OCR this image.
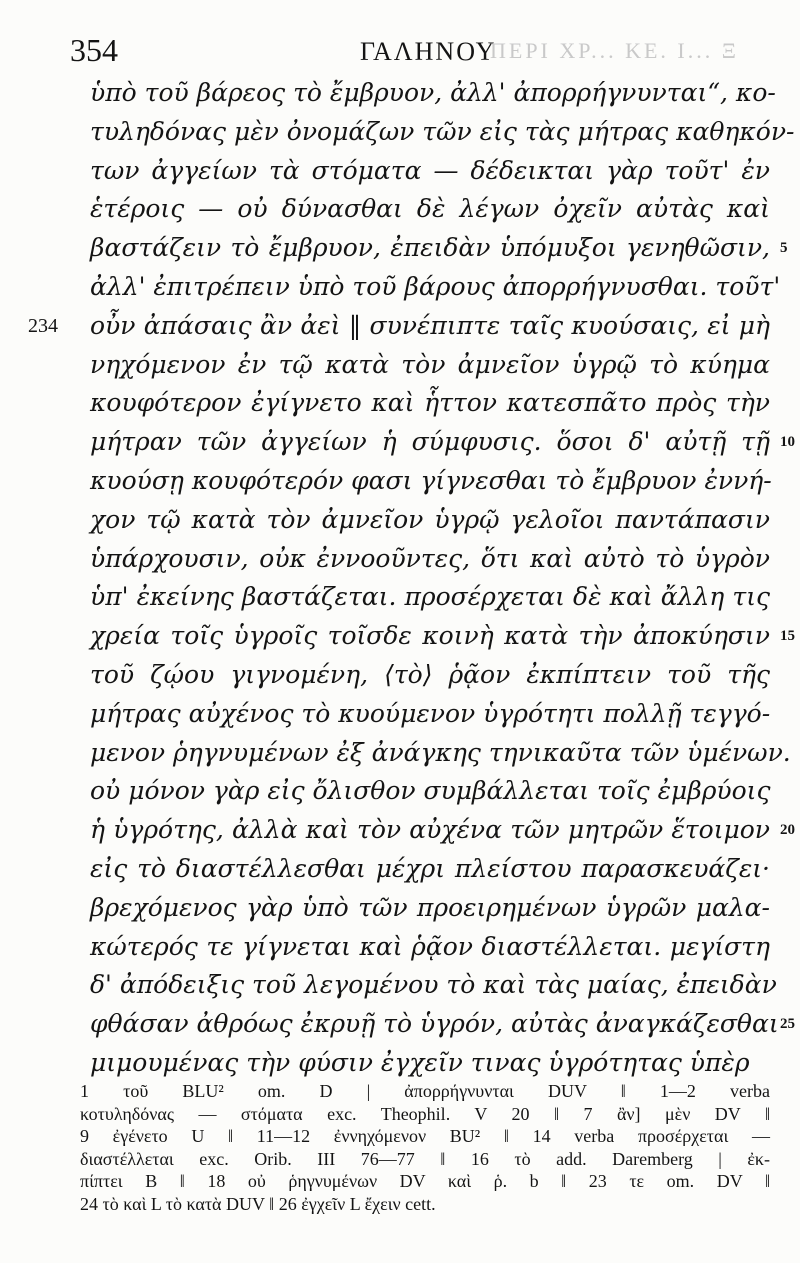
354	ΓΑΛΗΝΟΥ
ΠΕΡΙ ΧΡ... ΚΕ. Ι... Ξ
ὑπὸ τοῦ βάρεος τὸ ἔμβρυον, ἀλλ' ἀπορρήγνυνται“, κο-
τυληδόνας μὲν ὀνομάζων τῶν εἰς τὰς μήτρας καθηκόν-
των ἀγγείων τὰ στόματα — δέδεικται γὰρ τοῦτ' ἐν
ἑτέροις — οὐ δύνασθαι δὲ λέγων ὀχεῖν αὐτὰς καὶ
βαστάζειν τὸ ἔμβρυον, ἐπειδὰν ὑπόμυξοι γενηθῶσιν, 5
ἀλλ' ἐπιτρέπειν ὑπὸ τοῦ βάρους ἀπορρήγνυσθαι. τοῦτ'
οὖν ἀπάσαις ἂν ἀεὶ ‖ συνέπιπτε ταῖς κυούσαις, εἰ μὴ
234
νηχόμενον ἐν τῷ κατὰ τὸν ἀμνεῖον ὑγρῷ τὸ κύημα
κουφότερον ἐγίγνετο καὶ ἧττον κατεσπᾶτο πρὸς τὴν
μήτραν τῶν ἀγγείων ἡ σύμφυσις. ὅσοι δ' αὐτῇ τῇ 10
κυούσῃ κουφότερόν φασι γίγνεσθαι τὸ ἔμβρυον ἐννή-
χον τῷ κατὰ τὸν ἀμνεῖον ὑγρῷ γελοῖοι παντάπασιν
ὑπάρχουσιν, οὐκ ἐννοοῦντες, ὅτι καὶ αὐτὸ τὸ ὑγρὸν
ὑπ' ἐκείνης βαστάζεται. προσέρχεται δὲ καὶ ἄλλη τις
χρεία τοῖς ὑγροῖς τοῖσδε κοινὴ κατὰ τὴν ἀποκύησιν 15
τοῦ ζῴου γιγνομένη, ⟨τὸ⟩ ῥᾷον ἐκπίπτειν τοῦ τῆς
μήτρας αὐχένος τὸ κυούμενον ὑγρότητι πολλῇ τεγγό-
μενον ῥηγνυμένων ἐξ ἀνάγκης τηνικαῦτα τῶν ὑμένων.
οὐ μόνον γὰρ εἰς ὄλισθον συμβάλλεται τοῖς ἐμβρύοις
ἡ ὑγρότης, ἀλλὰ καὶ τὸν αὐχένα τῶν μητρῶν ἕτοιμον 20
εἰς τὸ διαστέλλεσθαι μέχρι πλείστου παρασκευάζει·
βρεχόμενος γὰρ ὑπὸ τῶν προειρημένων ὑγρῶν μαλα-
κώτερός τε γίγνεται καὶ ῥᾷον διαστέλλεται. μεγίστη
δ' ἀπόδειξις τοῦ λεγομένου τὸ καὶ τὰς μαίας, ἐπειδὰν
φθάσαν ἀθρόως ἐκρυῇ τὸ ὑγρόν, αὐτὰς ἀναγκάζεσθαι 25
μιμουμένας τὴν φύσιν ἐγχεῖν τινας ὑγρότητας ὑπὲρ
1 τοῦ BLU² om. D | ἀπορρήγνυνται DUV ‖ 1—2 verba
κοτυληδόνας — στόματα exc. Theophil. V 20 ‖ 7 ἂν] μὲν DV ‖
9 ἐγένετο U ‖ 11—12 ἐννηχόμενον BU² ‖ 14 verba προσέρχεται —
διαστέλλεται exc. Orib. III 76—77 ‖ 16 τὸ add. Daremberg | ἐκ-
πίπτει B ‖ 18 οὐ ῥηγνυμένων DV καὶ ῥ. b ‖ 23 τε om. DV ‖
24 τὸ καὶ L τὸ κατὰ DUV ‖ 26 ἐγχεῖν L ἔχειν cett.
